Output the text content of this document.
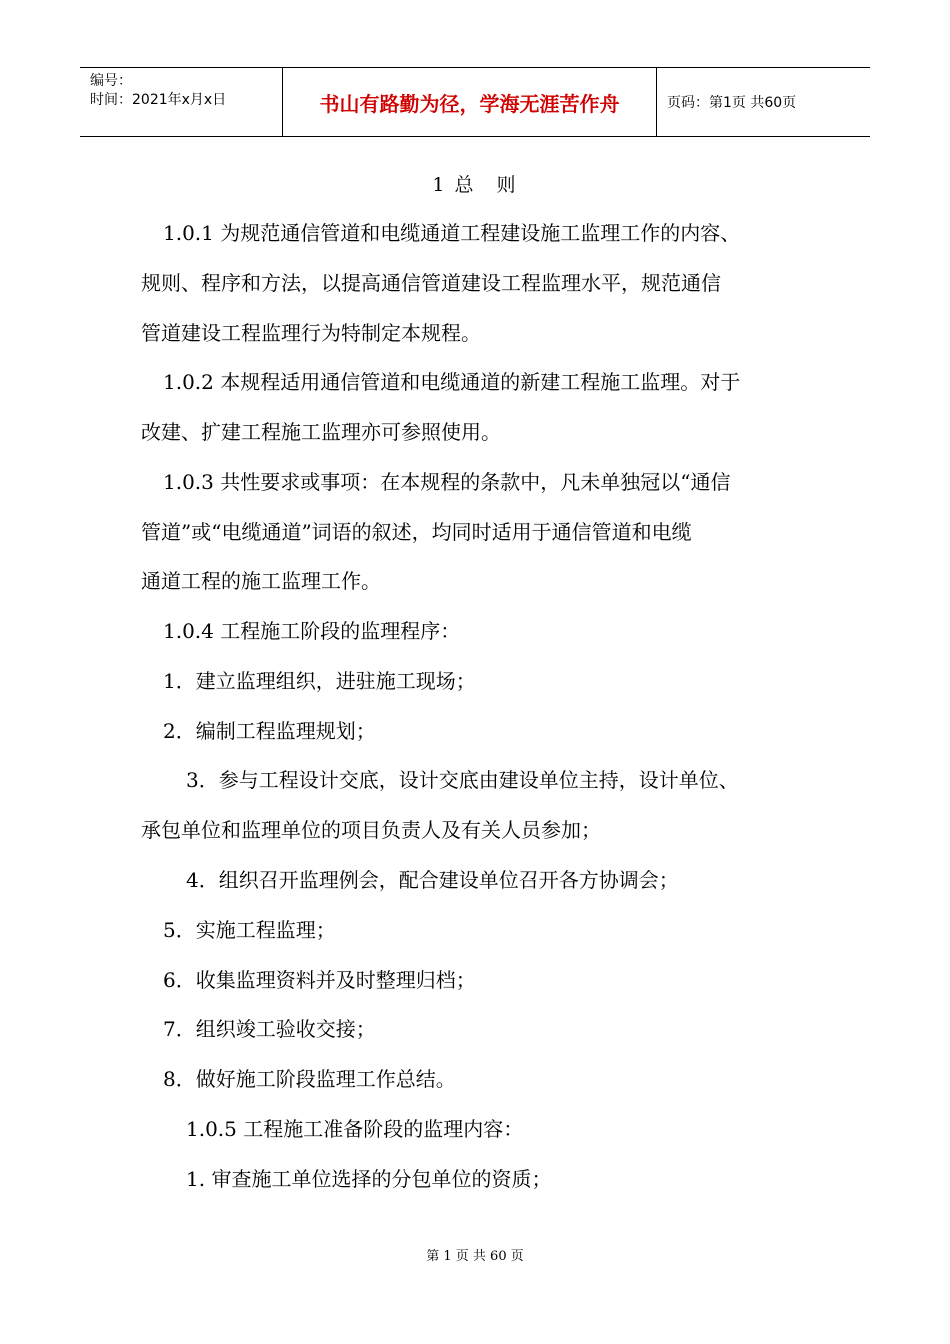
编号：
时间：2021年x月x日	书山有路勤为径，学海无涯苦作舟	页码：第1页 共60页
1 总　则
1.0.1 为规范通信管道和电缆通道工程建设施工监理工作的内容、
规则、程序和方法，以提高通信管道建设工程监理水平，规范通信
管道建设工程监理行为特制定本规程。
1.0.2 本规程适用通信管道和电缆通道的新建工程施工监理。对于
改建、扩建工程施工监理亦可参照使用。
1.0.3 共性要求或事项：在本规程的条款中，凡未单独冠以“通信
管道”或“电缆通道”词语的叙述，均同时适用于通信管道和电缆
通道工程的施工监理工作。
1.0.4 工程施工阶段的监理程序：
1．建立监理组织，进驻施工现场；
2．编制工程监理规划；
3．参与工程设计交底，设计交底由建设单位主持，设计单位、
承包单位和监理单位的项目负责人及有关人员参加；
4．组织召开监理例会，配合建设单位召开各方协调会；
5．实施工程监理；
6．收集监理资料并及时整理归档；
7．组织竣工验收交接；
8．做好施工阶段监理工作总结。
1.0.5 工程施工准备阶段的监理内容：
1. 审查施工单位选择的分包单位的资质；
第 1 页 共 60 页
